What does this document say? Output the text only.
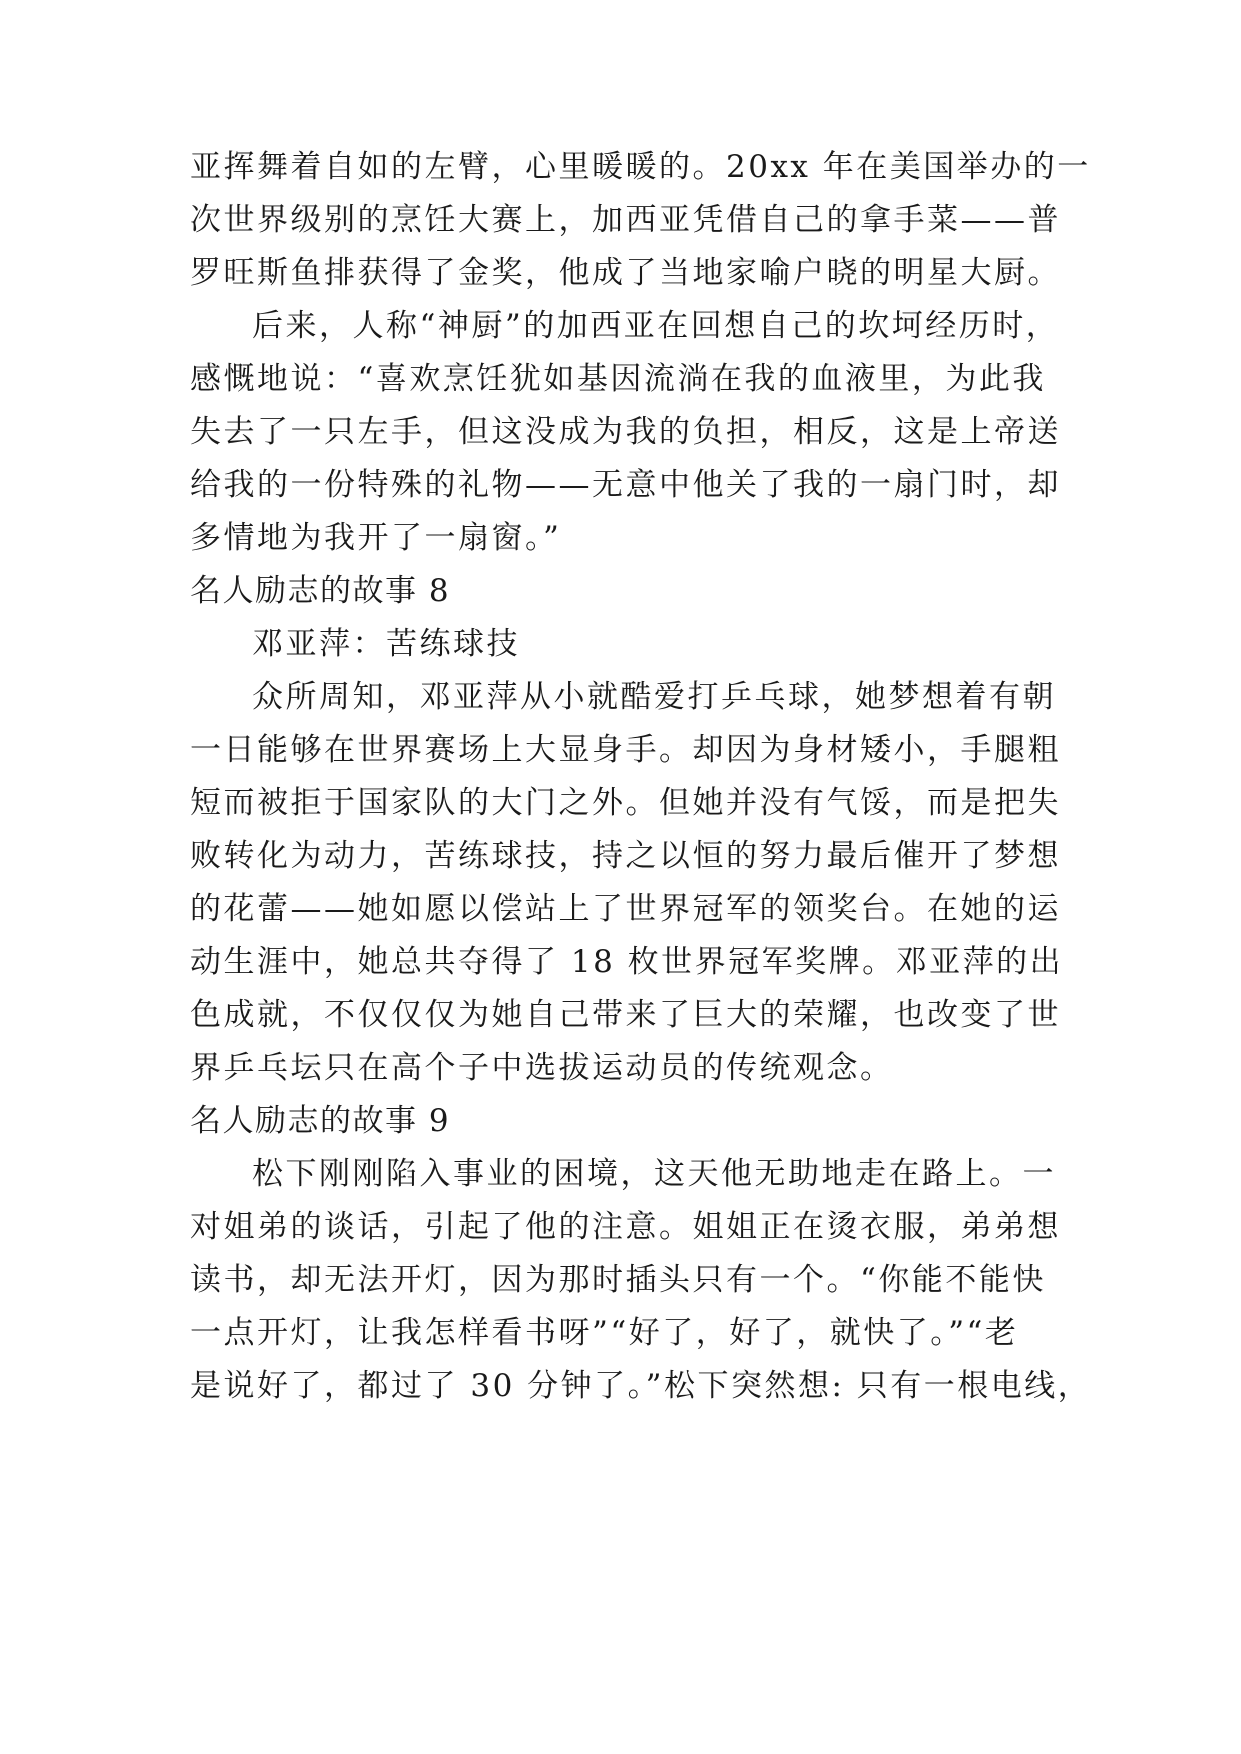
亚挥舞着自如的左臂，心里暖暖的。20xx 年在美国举办的一
次世界级别的烹饪大赛上，加西亚凭借自己的拿手菜——普
罗旺斯鱼排获得了金奖，他成了当地家喻户晓的明星大厨。
后来，人称“神厨”的加西亚在回想自己的坎坷经历时，
感慨地说：“喜欢烹饪犹如基因流淌在我的血液里，为此我
失去了一只左手，但这没成为我的负担，相反，这是上帝送
给我的一份特殊的礼物——无意中他关了我的一扇门时，却
多情地为我开了一扇窗。”
名人励志的故事 8
邓亚萍：苦练球技
众所周知，邓亚萍从小就酷爱打乒乓球，她梦想着有朝
一日能够在世界赛场上大显身手。却因为身材矮小，手腿粗
短而被拒于国家队的大门之外。但她并没有气馁，而是把失
败转化为动力，苦练球技，持之以恒的努力最后催开了梦想
的花蕾——她如愿以偿站上了世界冠军的领奖台。在她的运
动生涯中，她总共夺得了 18 枚世界冠军奖牌。邓亚萍的出
色成就，不仅仅仅为她自己带来了巨大的荣耀，也改变了世
界乒乓坛只在高个子中选拔运动员的传统观念。
名人励志的故事 9
松下刚刚陷入事业的困境，这天他无助地走在路上。一
对姐弟的谈话，引起了他的注意。姐姐正在烫衣服，弟弟想
读书，却无法开灯，因为那时插头只有一个。“你能不能快
一点开灯，让我怎样看书呀”“好了，好了，就快了。”“老
是说好了，都过了 30 分钟了。”松下突然想: 只有一根电线，
